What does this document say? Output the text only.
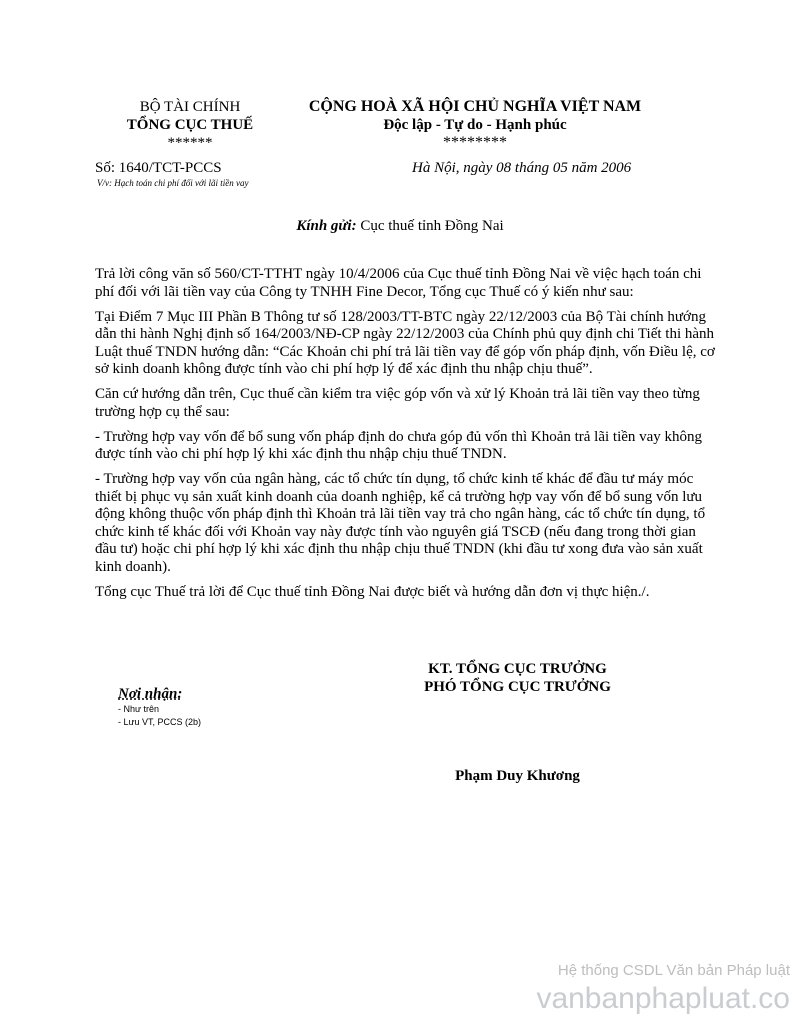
BỘ TÀI CHÍNH
TỔNG CỤC THUẾ
******
CỘNG HOÀ XÃ HỘI CHỦ NGHĨA VIỆT NAM
Độc lập - Tự do - Hạnh phúc
********
Số: 1640/TCT-PCCS
V/v: Hạch toán chi phí đối với lãi tiền vay
Hà Nội, ngày 08 tháng 05 năm 2006
Kính gửi: Cục thuế tỉnh Đồng Nai

Trả lời công văn số 560/CT-TTHT ngày 10/4/2006 của Cục thuế tỉnh Đồng Nai về việc hạch toán chi phí đối với lãi tiền vay của Công ty TNHH Fine Decor, Tổng cục Thuế có ý kiến như sau:

Tại Điểm 7 Mục III Phần B Thông tư số 128/2003/TT-BTC ngày 22/12/2003 của Bộ Tài chính hướng dẫn thi hành Nghị định số 164/2003/NĐ-CP ngày 22/12/2003 của Chính phủ quy định chi Tiết thi hành Luật thuế TNDN hướng dẫn: “Các Khoản chi phí trả lãi tiền vay để góp vốn pháp định, vốn Điều lệ, cơ sở kinh doanh không được tính vào chi phí hợp lý để xác định thu nhập chịu thuế”.

Căn cứ hướng dẫn trên, Cục thuế cần kiểm tra việc góp vốn và xử lý Khoản trả lãi tiền vay theo từng trường hợp cụ thể sau:

- Trường hợp vay vốn để bổ sung vốn pháp định do chưa góp đủ vốn thì Khoản trả lãi tiền vay không được tính vào chi phí hợp lý khi xác định thu nhập chịu thuế TNDN.

- Trường hợp vay vốn của ngân hàng, các tổ chức tín dụng, tổ chức kinh tế khác để đầu tư máy móc thiết bị phục vụ sản xuất kinh doanh của doanh nghiệp, kể cả trường hợp vay vốn để bổ sung vốn lưu động không thuộc vốn pháp định thì Khoản trả lãi tiền vay trả cho ngân hàng, các tổ chức tín dụng, tổ chức kinh tế khác đối với Khoản vay này được tính vào nguyên giá TSCĐ (nếu đang trong thời gian đầu tư) hoặc chi phí hợp lý khi xác định thu nhập chịu thuế TNDN (khi đầu tư xong đưa vào sản xuất kinh doanh).

Tổng cục Thuế trả lời để Cục thuế tỉnh Đồng Nai được biết và hướng dẫn đơn vị thực hiện./.

KT. TỔNG CỤC TRƯỞNG
PHÓ TỔNG CỤC TRƯỞNG
Nơi nhận:
- Như trên
- Lưu VT, PCCS (2b)
Phạm Duy Khương
Hệ thống CSDL Văn bản Pháp luật
vanbanphapluat.co
